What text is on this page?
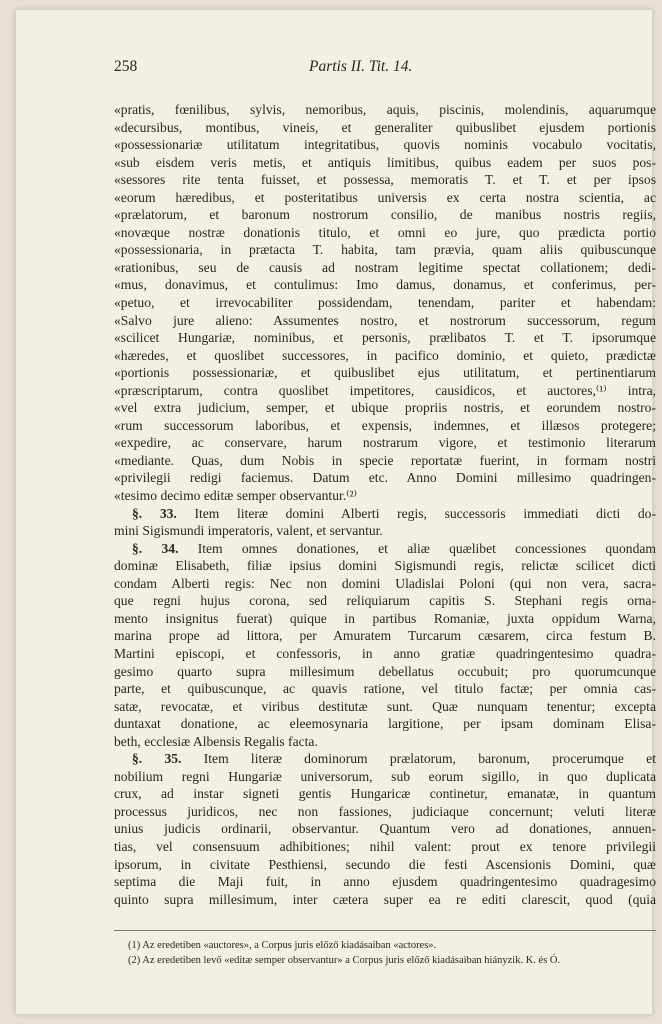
258	Partis II. Tit. 14.
«pratis, fœnilibus, sylvis, nemoribus, aquis, piscinis, molendinis, aquarumque
«decursibus, montibus, vineis, et generaliter quibuslibet ejusdem portionis
«possessionariæ utilitatum integritatibus, quovis nominis vocabulo vocitatis,
«sub eisdem veris metis, et antiquis limitibus, quibus eadem per suos pos-
«sessores rite tenta fuisset, et possessa, memoratis T. et T. et per ipsos
«eorum hæredibus, et posteritatibus universis ex certa nostra scientia, ac
«prælatorum, et baronum nostrorum consilio, de manibus nostris regiis,
«novæque nostræ donationis titulo, et omni eo jure, quo prædicta portio
«possessionaria, in prætacta T. habita, tam prævia, quam aliis quibuscunque
«rationibus, seu de causis ad nostram legitime spectat collationem; dedi-
«mus, donavimus, et contulimus: Imo damus, donamus, et conferimus, per-
«petuo, et irrevocabiliter possidendam, tenendam, pariter et habendam:
«Salvo jure alieno: Assumentes nostro, et nostrorum successorum, regum
«scilicet Hungariæ, nominibus, et personis, prælibatos T. et T. ipsorumque
«hæredes, et quoslibet successores, in pacifico dominio, et quieto, prædictæ
«portionis possessionariæ, et quibuslibet ejus utilitatum, et pertinentiarum
«præscriptarum, contra quoslibet impetitores, causidicos, et auctores,⁽¹⁾ intra,
«vel extra judicium, semper, et ubique propriis nostris, et eorundem nostro-
«rum successorum laboribus, et expensis, indemnes, et illæsos protegere;
«expedire, ac conservare, harum nostrarum vigore, et testimonio literarum
«mediante. Quas, dum Nobis in specie reportatæ fuerint, in formam nostri
«privilegii redigi faciemus. Datum etc. Anno Domini millesimo quadringen-
«tesimo decimo editæ semper observantur.⁽²⁾
§. 33. Item literæ domini Alberti regis, successoris immediati dicti do-
mini Sigismundi imperatoris, valent, et servantur.
§. 34. Item omnes donationes, et aliæ quælibet concessiones quondam
dominæ Elisabeth, filiæ ipsius domini Sigismundi regis, relictæ scilicet dicti
condam Alberti regis: Nec non domini Uladislai Poloni (qui non vera, sacra-
que regni hujus corona, sed reliquiarum capitis S. Stephani regis orna-
mento insignitus fuerat) quique in partibus Romaniæ, juxta oppidum Warna,
marina prope ad littora, per Amuratem Turcarum cæsarem, circa festum B.
Martini episcopi, et confessoris, in anno gratiæ quadringentesimo quadra-
gesimo quarto supra millesimum debellatus occubuit; pro quorumcunque
parte, et quibuscunque, ac quavis ratione, vel titulo factæ; per omnia cas-
satæ, revocatæ, et viribus destitutæ sunt. Quæ nunquam tenentur; excepta
duntaxat donatione, ac eleemosynaria largitione, per ipsam dominam Elisa-
beth, ecclesiæ Albensis Regalis facta.
§. 35. Item literæ dominorum prælatorum, baronum, procerumque et
nobilium regni Hungariæ universorum, sub eorum sigillo, in quo duplicata
crux, ad instar signeti gentis Hungaricæ continetur, emanatæ, in quantum
processus juridicos, nec non fassiones, judiciaque concernunt; veluti literæ
unius judicis ordinarii, observantur. Quantum vero ad donationes, annuen-
tias, vel consensuum adhibitiones; nihil valent: prout ex tenore privilegii
ipsorum, in civitate Pesthiensi, secundo die festi Ascensionis Domini, quæ
septima die Maji fuit, in anno ejusdem quadringentesimo quadragesimo
quinto supra millesimum, inter cætera super ea re editi clarescit, quod (quia
(1) Az eredetiben «auctores», a Corpus juris előző kiadásaiban «actores».
(2) Az eredetiben levő «editæ semper observantur» a Corpus juris előző kiadásaiban hiányzik. K. és Ó.
